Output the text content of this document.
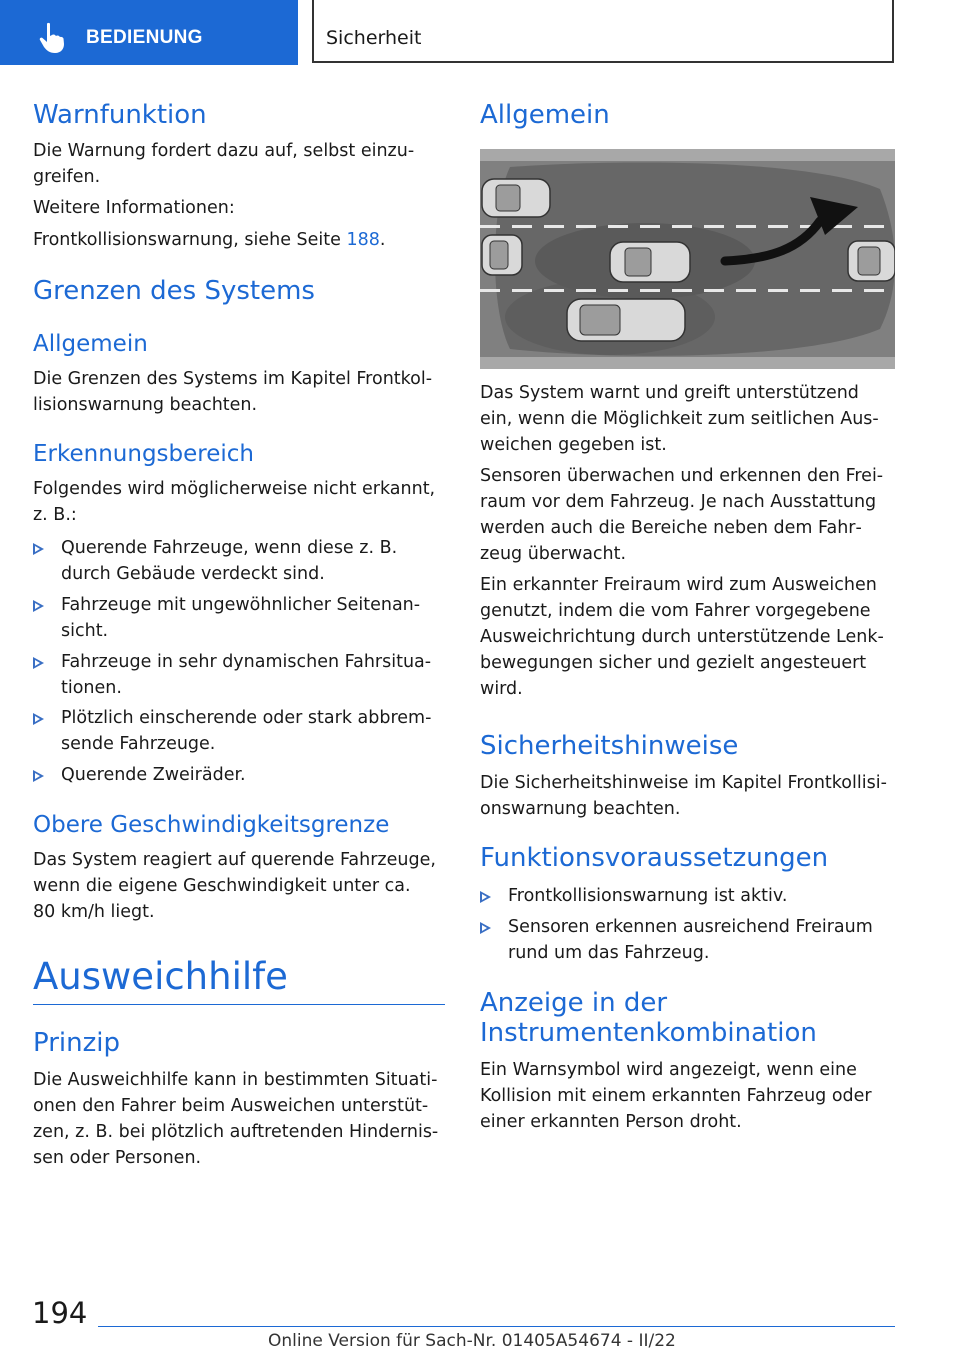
BEDIENUNG	Sicherheit
Warnfunktion

Die Warnung fordert dazu auf, selbst einzu‐

greifen.

Weitere Informationen:

Frontkollisionswarnung, siehe Seite 188.

Grenzen des Systems
Allgemein

Die Grenzen des Systems im Kapitel Frontkol‐

lisionswarnung beachten.

Erkennungsbereich

Folgendes wird möglicherweise nicht erkannt,

z. B.:

Querende Fahrzeuge, wenn diese z. B.
durch Gebäude verdeckt sind.
Fahrzeuge mit ungewöhnlicher Seitenan‐
sicht.
Fahrzeuge in sehr dynamischen Fahrsitua‐
tionen.
Plötzlich einscherende oder stark abbrem‐
sende Fahrzeuge.
Querende Zweiräder.
Obere Geschwindigkeitsgrenze

Das System reagiert auf querende Fahrzeuge,

wenn die eigene Geschwindigkeit unter ca.

80 km/h liegt.

Ausweichhilfe
Prinzip

Die Ausweichhilfe kann in bestimmten Situati‐

onen den Fahrer beim Ausweichen unterstüt‐

zen, z. B. bei plötzlich auftretenden Hindernis‐

sen oder Personen.

Allgemein

Das System warnt und greift unterstützend

ein, wenn die Möglichkeit zum seitlichen Aus‐

weichen gegeben ist.

Sensoren überwachen und erkennen den Frei‐

raum vor dem Fahrzeug. Je nach Ausstattung

werden auch die Bereiche neben dem Fahr‐

zeug überwacht.

Ein erkannter Freiraum wird zum Ausweichen

genutzt, indem die vom Fahrer vorgegebene

Ausweichrichtung durch unterstützende Lenk‐

bewegungen sicher und gezielt angesteuert

wird.

Sicherheitshinweise

Die Sicherheitshinweise im Kapitel Frontkollisi‐

onswarnung beachten.

Funktionsvoraussetzungen
Frontkollisionswarnung ist aktiv.
Sensoren erkennen ausreichend Freiraum
rund um das Fahrzeug.
Anzeige in der
Instrumentenkombination

Ein Warnsymbol wird angezeigt, wenn eine

Kollision mit einem erkannten Fahrzeug oder

einer erkannten Person droht.

194
Online Version für Sach-Nr. 01405A54674 - II/22
